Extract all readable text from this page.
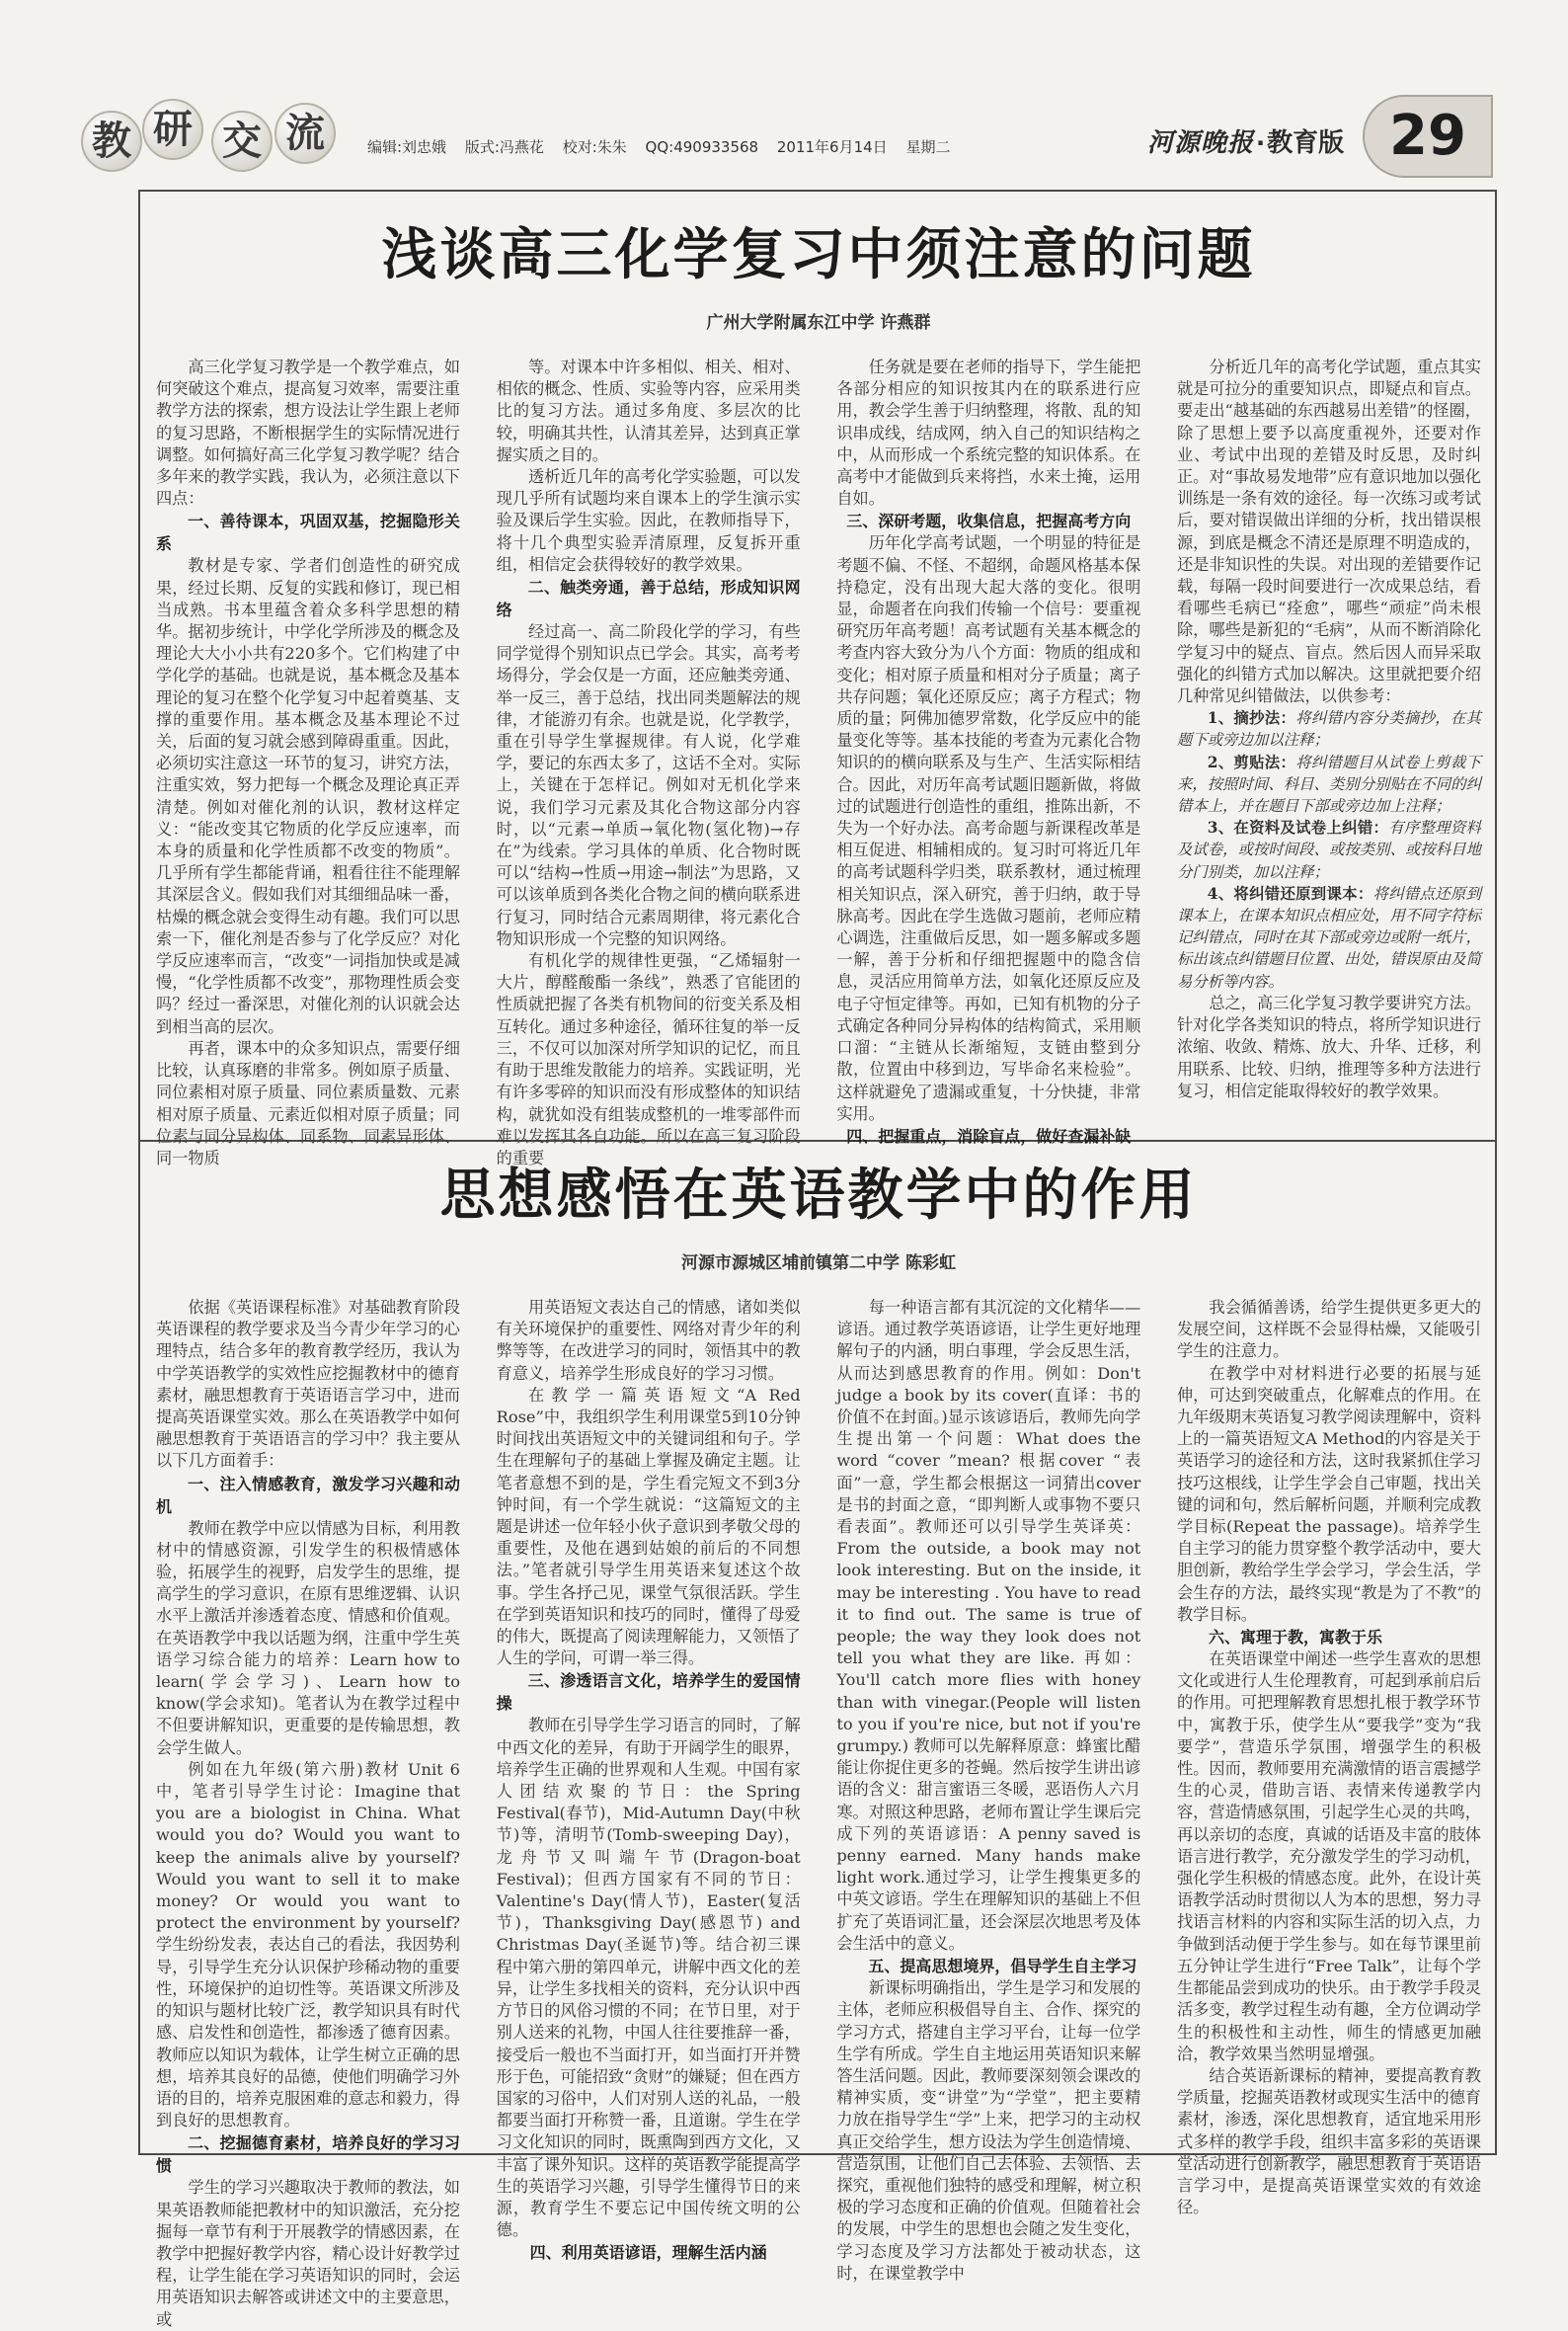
教 研 交 流	编辑:刘忠娥 版式:冯燕花 校对:朱朱 QQ:490933568 2011年6月14日 星期二	河源晚报·教育版 29
浅谈高三化学复习中须注意的问题
广州大学附属东江中学 许燕群

高三化学复习教学是一个教学难点，如何突破这个难点，提高复习效率，需要注重教学方法的探索，想方设法让学生跟上老师的复习思路，不断根据学生的实际情况进行调整。如何搞好高三化学复习教学呢？结合多年来的教学实践，我认为，必须注意以下四点：

一、善待课本，巩固双基，挖掘隐形关系

教材是专家、学者们创造性的研究成果，经过长期、反复的实践和修订，现已相当成熟。书本里蕴含着众多科学思想的精华。据初步统计，中学化学所涉及的概念及理论大大小小共有220多个。它们构建了中学化学的基础。也就是说，基本概念及基本理论的复习在整个化学复习中起着奠基、支撑的重要作用。基本概念及基本理论不过关，后面的复习就会感到障碍重重。因此，必须切实注意这一环节的复习，讲究方法，注重实效，努力把每一个概念及理论真正弄清楚。例如对催化剂的认识，教材这样定义：“能改变其它物质的化学反应速率，而本身的质量和化学性质都不改变的物质”。几乎所有学生都能背诵，粗看往往不能理解其深层含义。假如我们对其细细品味一番，枯燥的概念就会变得生动有趣。我们可以思索一下，催化剂是否参与了化学反应？对化学反应速率而言，“改变”一词指加快或是减慢，“化学性质都不改变”，那物理性质会变吗？经过一番深思，对催化剂的认识就会达到相当高的层次。

再者，课本中的众多知识点，需要仔细比较，认真琢磨的非常多。例如原子质量、同位素相对原子质量、同位素质量数、元素相对原子质量、元素近似相对原子质量；同位素与同分异构体、同系物、同素异形体、同一物质

等。对课本中许多相似、相关、相对、相依的概念、性质、实验等内容，应采用类比的复习方法。通过多角度、多层次的比较，明确其共性，认清其差异，达到真正掌握实质之目的。

透析近几年的高考化学实验题，可以发现几乎所有试题均来自课本上的学生演示实验及课后学生实验。因此，在教师指导下，将十几个典型实验弄清原理，反复拆开重组，相信定会获得较好的教学效果。

二、触类旁通，善于总结，形成知识网络

经过高一、高二阶段化学的学习，有些同学觉得个别知识点已学会。其实，高考考场得分，学会仅是一方面，还应触类旁通、举一反三，善于总结，找出同类题解法的规律，才能游刃有余。也就是说，化学教学，重在引导学生掌握规律。有人说，化学难学，要记的东西太多了，这话不全对。实际上，关键在于怎样记。例如对无机化学来说，我们学习元素及其化合物这部分内容时，以“元素→单质→氧化物(氢化物)→存在”为线索。学习具体的单质、化合物时既可以“结构→性质→用途→制法”为思路，又可以该单质到各类化合物之间的横向联系进行复习，同时结合元素周期律，将元素化合物知识形成一个完整的知识网络。

有机化学的规律性更强，“乙烯辐射一大片，醇醛酸酯一条线”，熟悉了官能团的性质就把握了各类有机物间的衍变关系及相互转化。通过多种途径，循环往复的举一反三，不仅可以加深对所学知识的记忆，而且有助于思维发散能力的培养。实践证明，光有许多零碎的知识而没有形成整体的知识结构，就犹如没有组装成整机的一堆零部件而难以发挥其各自功能。所以在高三复习阶段的重要

任务就是要在老师的指导下，学生能把各部分相应的知识按其内在的联系进行应用，教会学生善于归纳整理，将散、乱的知识串成线，结成网，纳入自己的知识结构之中，从而形成一个系统完整的知识体系。在高考中才能做到兵来将挡，水来土掩，运用自如。

三、深研考题，收集信息，把握高考方向

历年化学高考试题，一个明显的特征是考题不偏、不怪、不超纲，命题风格基本保持稳定，没有出现大起大落的变化。很明显，命题者在向我们传输一个信号：要重视研究历年高考题！高考试题有关基本概念的考查内容大致分为八个方面：物质的组成和变化；相对原子质量和相对分子质量；离子共存问题；氧化还原反应；离子方程式；物质的量；阿佛加德罗常数，化学反应中的能量变化等等。基本技能的考查为元素化合物知识的的横向联系及与生产、生活实际相结合。因此，对历年高考试题旧题新做，将做过的试题进行创造性的重组，推陈出新，不失为一个好办法。高考命题与新课程改革是相互促进、相辅相成的。复习时可将近几年的高考试题科学归类，联系教材，通过梳理相关知识点，深入研究，善于归纳，敢于导脉高考。因此在学生选做习题前，老师应精心调选，注重做后反思，如一题多解或多题一解，善于分析和仔细把握题中的隐含信息，灵活应用简单方法，如氧化还原反应及电子守恒定律等。再如，已知有机物的分子式确定各种同分异构体的结构简式，采用顺口溜：“主链从长渐缩短，支链由整到分散，位置由中移到边，写毕命名来检验”。这样就避免了遗漏或重复，十分快捷，非常实用。

四、把握重点，消除盲点，做好查漏补缺

分析近几年的高考化学试题，重点其实就是可拉分的重要知识点，即疑点和盲点。要走出“越基础的东西越易出差错”的怪圈，除了思想上要予以高度重视外，还要对作业、考试中出现的差错及时反思，及时纠正。对“事故易发地带”应有意识地加以强化训练是一条有效的途径。每一次练习或考试后，要对错误做出详细的分析，找出错误根源，到底是概念不清还是原理不明造成的，还是非知识性的失误。对出现的差错要作记载，每隔一段时间要进行一次成果总结，看看哪些毛病已“痊愈”，哪些“顽症”尚未根除，哪些是新犯的“毛病”，从而不断消除化学复习中的疑点、盲点。然后因人而异采取强化的纠错方式加以解决。这里就把要介绍几种常见纠错做法，以供参考：

1、摘抄法：将纠错内容分类摘抄，在其题下或旁边加以注释；

2、剪贴法：将纠错题目从试卷上剪裁下来，按照时间、科目、类别分别贴在不同的纠错本上，并在题目下部或旁边加上注释；

3、在资料及试卷上纠错：有序整理资料及试卷，或按时间段、或按类别、或按科目地分门别类，加以注释；

4、将纠错还原到课本：将纠错点还原到课本上，在课本知识点相应处，用不同字符标记纠错点，同时在其下部或旁边或附一纸片，标出该点纠错题目位置、出处，错误原由及简易分析等内容。

总之，高三化学复习教学要讲究方法。针对化学各类知识的特点，将所学知识进行浓缩、收敛、精炼、放大、升华、迁移，利用联系、比较、归纳，推理等多种方法进行复习，相信定能取得较好的教学效果。

思想感悟在英语教学中的作用
河源市源城区埔前镇第二中学 陈彩虹

依据《英语课程标准》对基础教育阶段英语课程的教学要求及当今青少年学习的心理特点，结合多年的教育教学经历，我认为中学英语教学的实效性应挖掘教材中的德育素材，融思想教育于英语语言学习中，进而提高英语课堂实效。那么在英语教学中如何融思想教育于英语语言的学习中？我主要从以下几方面着手：

一、注入情感教育，激发学习兴趣和动机

教师在教学中应以情感为目标，利用教材中的情感资源，引发学生的积极情感体验，拓展学生的视野，启发学生的思维，提高学生的学习意识，在原有思维逻辑、认识水平上激活并渗透着态度、情感和价值观。在英语教学中我以话题为纲，注重中学生英语学习综合能力的培养：Learn how to learn(学会学习)、Learn how to know(学会求知)。笔者认为在教学过程中不但要讲解知识，更重要的是传输思想，教会学生做人。

例如在九年级(第六册)教材 Unit 6 中，笔者引导学生讨论：Imagine that you are a biologist in China. What would you do? Would you want to keep the animals alive by yourself? Would you want to sell it to make money? Or would you want to protect the environment by yourself? 学生纷纷发表，表达自己的看法，我因势利导，引导学生充分认识保护珍稀动物的重要性，环境保护的迫切性等。英语课文所涉及的知识与题材比较广泛，教学知识具有时代感、启发性和创造性，都渗透了德育因素。教师应以知识为载体，让学生树立正确的思想，培养其良好的品德，使他们明确学习外语的目的，培养克服困难的意志和毅力，得到良好的思想教育。

二、挖掘德育素材，培养良好的学习习惯

学生的学习兴趣取决于教师的教法，如果英语教师能把教材中的知识激活，充分挖掘每一章节有利于开展教学的情感因素，在教学中把握好教学内容，精心设计好教学过程，让学生能在学习英语知识的同时，会运用英语知识去解答或讲述文中的主要意思，或

用英语短文表达自己的情感，诸如类似有关环境保护的重要性、网络对青少年的利弊等等，在改进学习的同时，领悟其中的教育意义，培养学生形成良好的学习习惯。

在教学一篇英语短文“A Red Rose”中，我组织学生利用课堂5到10分钟时间找出英语短文中的关键词组和句子。学生在理解句子的基础上掌握及确定主题。让笔者意想不到的是，学生看完短文不到3分钟时间，有一个学生就说：“这篇短文的主题是讲述一位年轻小伙子意识到孝敬父母的重要性，及他在遇到姑娘的前后的不同想法。”笔者就引导学生用英语来复述这个故事。学生各抒己见，课堂气氛很活跃。学生在学到英语知识和技巧的同时，懂得了母爱的伟大，既提高了阅读理解能力，又领悟了人生的学问，可谓一举三得。

三、渗透语言文化，培养学生的爱国情操

教师在引导学生学习语言的同时，了解中西文化的差异，有助于开阔学生的眼界，培养学生正确的世界观和人生观。中国有家人团结欢聚的节日：the Spring Festival(春节)，Mid-Autumn Day(中秋节)等，清明节(Tomb-sweeping Day)，龙舟节又叫端午节(Dragon-boat Festival)；但西方国家有不同的节日：Valentine's Day(情人节)，Easter(复活节)，Thanksgiving Day(感恩节) and Christmas Day(圣诞节)等。结合初三课程中第六册的第四单元，讲解中西文化的差异，让学生多找相关的资料，充分认识中西方节日的风俗习惯的不同；在节日里，对于别人送来的礼物，中国人往往要推辞一番，接受后一般也不当面打开，如当面打开并赞形于色，可能招致“贪财”的嫌疑；但在西方国家的习俗中，人们对别人送的礼品，一般都要当面打开称赞一番，且道谢。学生在学习文化知识的同时，既熏陶到西方文化，又丰富了课外知识。这样的英语教学能提高学生的英语学习兴趣，引导学生懂得节日的来源，教育学生不要忘记中国传统文明的公德。

四、利用英语谚语，理解生活内涵

每一种语言都有其沉淀的文化精华——谚语。通过教学英语谚语，让学生更好地理解句子的内涵，明白事理，学会反思生活，从而达到感思教育的作用。例如：Don't judge a book by its cover(直译：书的价值不在封面。)显示该谚语后，教师先向学生提出第一个问题：What does the word “cover ”mean? 根据cover “表面”一意，学生都会根据这一词猜出cover是书的封面之意，“即判断人或事物不要只看表面”。教师还可以引导学生英译英：From the outside, a book may not look interesting. But on the inside, it may be interesting . You have to read it to find out. The same is true of people; the way they look does not tell you what they are like. 再如：You'll catch more flies with honey than with vinegar.(People will listen to you if you're nice, but not if you're grumpy.) 教师可以先解释原意：蜂蜜比醋能让你捉住更多的苍蝇。然后按学生讲出谚语的含义：甜言蜜语三冬暖，恶语伤人六月寒。对照这种思路，老师布置让学生课后完成下列的英语谚语：A penny saved is penny earned. Many hands make light work.通过学习，让学生搜集更多的中英文谚语。学生在理解知识的基础上不但扩充了英语词汇量，还会深层次地思考及体会生活中的意义。

五、提高思想境界，倡导学生自主学习

新课标明确指出，学生是学习和发展的主体，老师应积极倡导自主、合作、探究的学习方式，搭建自主学习平台，让每一位学生学有所成。学生自主地运用英语知识来解答生活问题。因此，教师要深刻领会课改的精神实质，变“讲堂”为“学堂”，把主要精力放在指导学生“学”上来，把学习的主动权真正交给学生，想方设法为学生创造情境、营造氛围，让他们自己去体验、去领悟、去探究，重视他们独特的感受和理解，树立积极的学习态度和正确的价值观。但随着社会的发展，中学生的思想也会随之发生变化，学习态度及学习方法都处于被动状态，这时，在课堂教学中

我会循循善诱，给学生提供更多更大的发展空间，这样既不会显得枯燥，又能吸引学生的注意力。

在教学中对材料进行必要的拓展与延伸，可达到突破重点，化解难点的作用。在九年级期末英语复习教学阅读理解中，资料上的一篇英语短文A Method的内容是关于英语学习的途径和方法，这时我紧抓住学习技巧这根线，让学生学会自己审题，找出关键的词和句，然后解析问题，并顺利完成教学目标(Repeat the passage)。培养学生自主学习的能力贯穿整个教学活动中，要大胆创新，教给学生学会学习，学会生活，学会生存的方法，最终实现“教是为了不教”的教学目标。

六、寓理于教，寓教于乐

在英语课堂中阐述一些学生喜欢的思想文化或进行人生伦理教育，可起到承前启后的作用。可把理解教育思想扎根于教学环节中，寓教于乐，使学生从“要我学”变为“我要学”，营造乐学氛围，增强学生的积极性。因而，教师要用充满激情的语言震撼学生的心灵，借助言语、表情来传递教学内容，营造情感氛围，引起学生心灵的共鸣，再以亲切的态度，真诚的话语及丰富的肢体语言进行教学，充分激发学生的学习动机，强化学生积极的情感态度。此外，在设计英语教学活动时贯彻以人为本的思想，努力寻找语言材料的内容和实际生活的切入点，力争做到活动便于学生参与。如在每节课里前五分钟让学生进行“Free Talk”，让每个学生都能品尝到成功的快乐。由于教学手段灵活多变，教学过程生动有趣，全方位调动学生的积极性和主动性，师生的情感更加融洽，教学效果当然明显增强。

结合英语新课标的精神，要提高教育教学质量，挖掘英语教材或现实生活中的德育素材，渗透，深化思想教育，适宜地采用形式多样的教学手段，组织丰富多彩的英语课堂活动进行创新教学，融思想教育于英语语言学习中，是提高英语课堂实效的有效途径。
